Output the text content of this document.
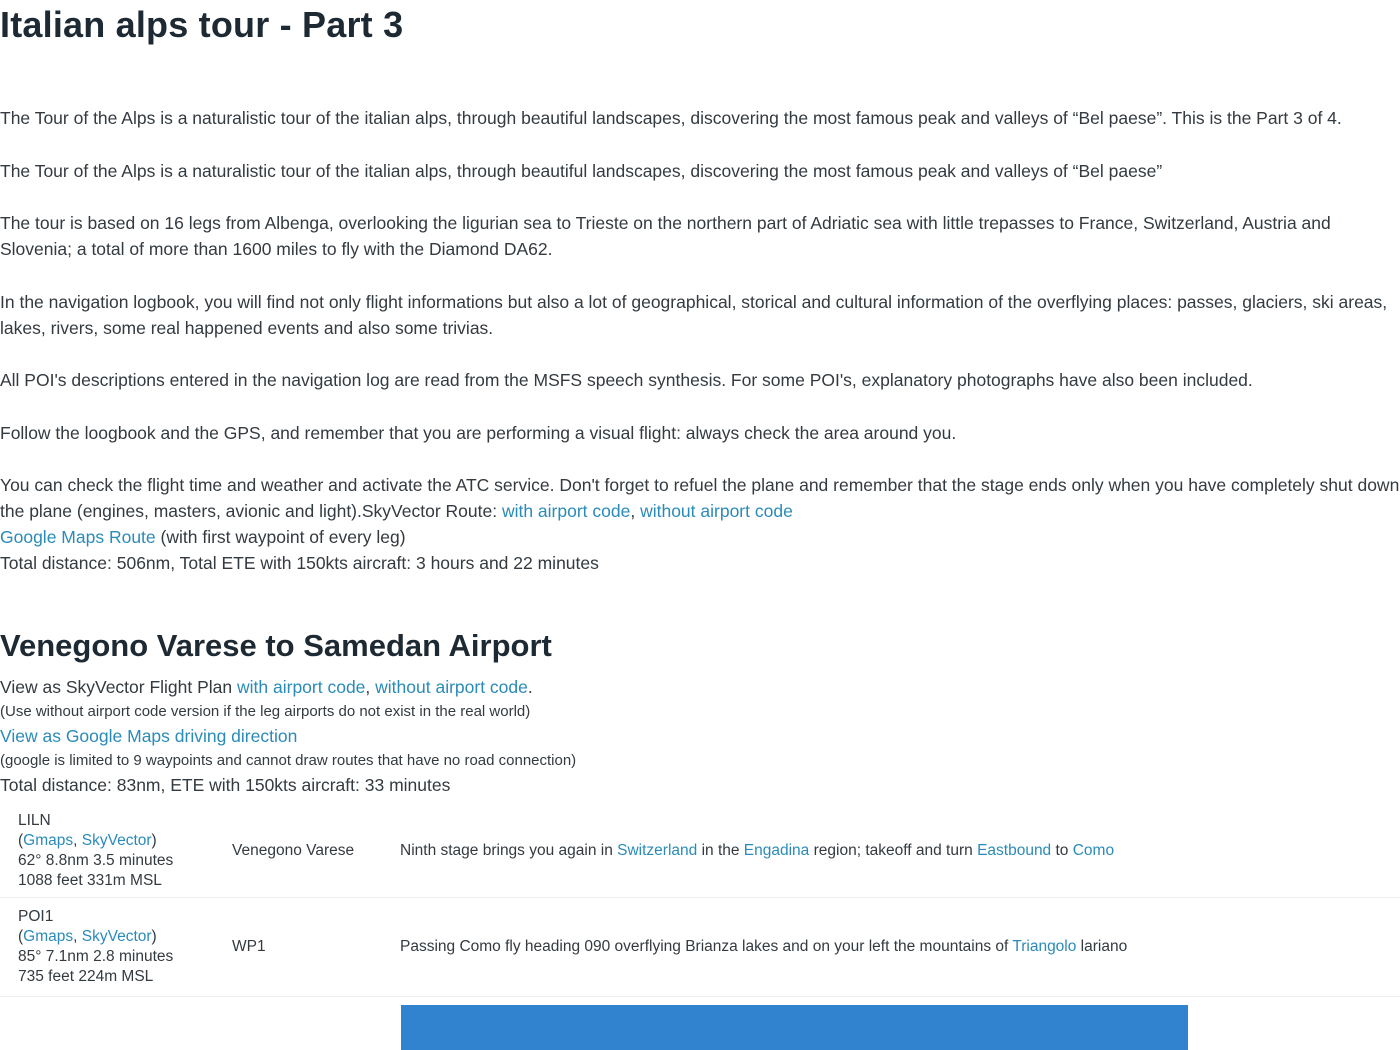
Italian alps tour - Part 3

The Tour of the Alps is a naturalistic tour of the italian alps, through beautiful landscapes, discovering the most famous peak and valleys of “Bel paese”. This is the Part 3 of 4.

The Tour of the Alps is a naturalistic tour of the italian alps, through beautiful landscapes, discovering the most famous peak and valleys of “Bel paese”

The tour is based on 16 legs from Albenga, overlooking the ligurian sea to Trieste on the northern part of Adriatic sea with little trepasses to France, Switzerland, Austria and Slovenia; a total of more than 1600 miles to fly with the Diamond DA62.

In the navigation logbook, you will find not only flight informations but also a lot of geographical, storical and cultural information of the overflying places: passes, glaciers, ski areas, lakes, rivers, some real happened events and also some trivias.

All POI's descriptions entered in the navigation log are read from the MSFS speech synthesis. For some POI's, explanatory photographs have also been included.

Follow the loogbook and the GPS, and remember that you are performing a visual flight: always check the area around you.

You can check the flight time and weather and activate the ATC service. Don't forget to refuel the plane and remember that the stage ends only when you have completely shut down the plane (engines, masters, avionic and light).SkyVector Route: with airport code, without airport code

Google Maps Route (with first waypoint of every leg)

Total distance: 506nm, Total ETE with 150kts aircraft: 3 hours and 22 minutes

Venegono Varese to Samedan Airport

View as SkyVector Flight Plan with airport code, without airport code.

(Use without airport code version if the leg airports do not exist in the real world)

View as Google Maps driving direction

(google is limited to 9 waypoints and cannot draw routes that have no road connection)

Total distance: 83nm, ETE with 150kts aircraft: 33 minutes

LILN
(Gmaps, SkyVector)
62° 8.8nm 3.5 minutes
1088 feet 331m MSL	Venegono Varese	Ninth stage brings you again in Switzerland in the Engadina region; takeoff and turn Eastbound to Como

POI1
(Gmaps, SkyVector)
85° 7.1nm 2.8 minutes
735 feet 224m MSL	WP1	Passing Como fly heading 090 overflying Brianza lakes and on your left the mountains of Triangolo lariano
